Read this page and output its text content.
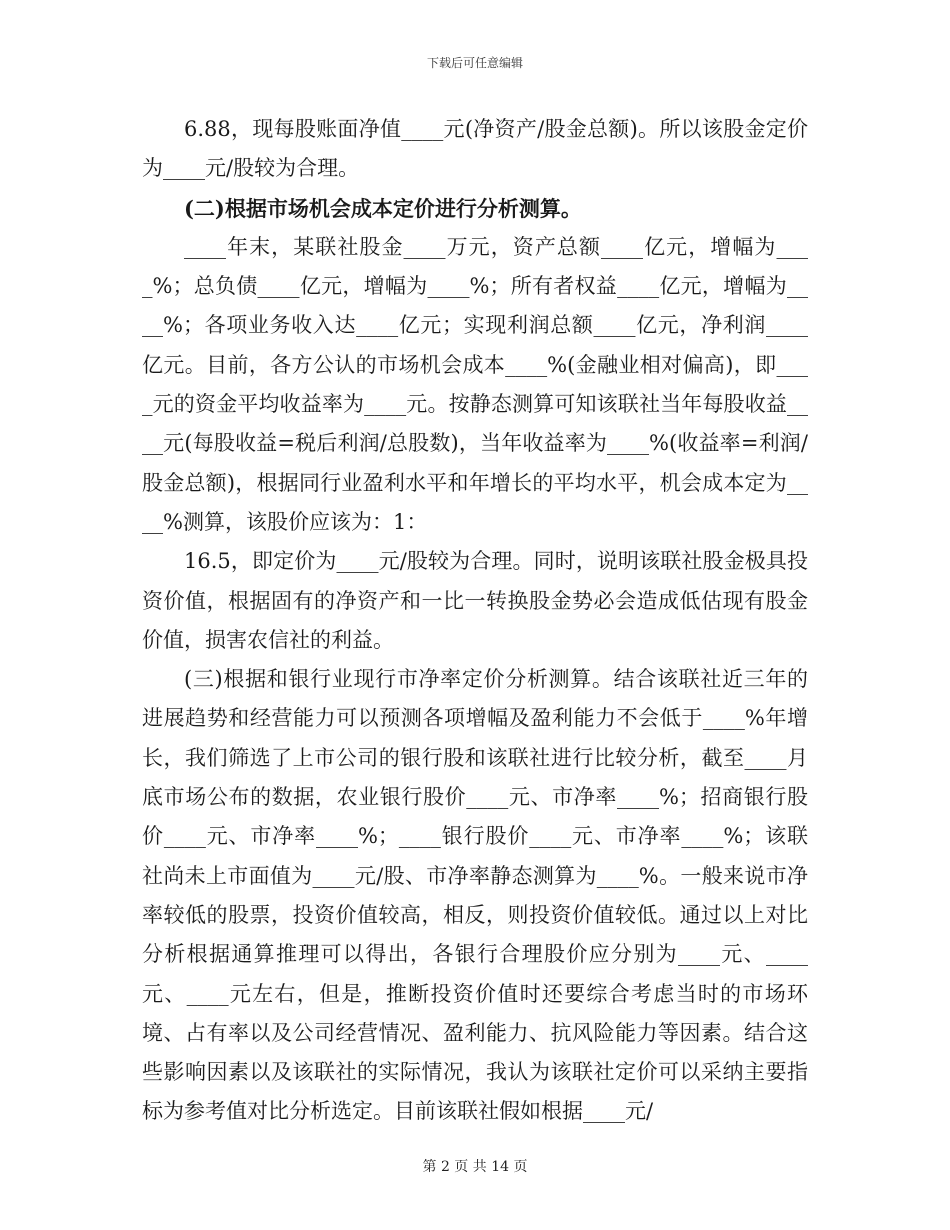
下载后可任意编辑

6.88，现每股账面净值____元(净资产/股金总额)。所以该股金定价为____元/股较为合理。

(二)根据市场机会成本定价进行分析测算。

____年末，某联社股金____万元，资产总额____亿元，增幅为____%；总负债____亿元，增幅为____%；所有者权益____亿元，增幅为____%；各项业务收入达____亿元；实现利润总额____亿元，净利润____亿元。目前，各方公认的市场机会成本____%(金融业相对偏高)，即____元的资金平均收益率为____元。按静态测算可知该联社当年每股收益____元(每股收益=税后利润/总股数)，当年收益率为____%(收益率=利润/股金总额)，根据同行业盈利水平和年增长的平均水平，机会成本定为____%测算，该股价应该为：1：

16.5，即定价为____元/股较为合理。同时，说明该联社股金极具投资价值，根据固有的净资产和一比一转换股金势必会造成低估现有股金价值，损害农信社的利益。

(三)根据和银行业现行市净率定价分析测算。结合该联社近三年的进展趋势和经营能力可以预测各项增幅及盈利能力不会低于____%年增长，我们筛选了上市公司的银行股和该联社进行比较分析，截至____月底市场公布的数据，农业银行股价____元、市净率____%；招商银行股价____元、市净率____%；____银行股价____元、市净率____%；该联社尚未上市面值为____元/股、市净率静态测算为____%。一般来说市净率较低的股票，投资价值较高，相反，则投资价值较低。通过以上对比分析根据通算推理可以得出，各银行合理股价应分别为____元、____元、____元左右，但是，推断投资价值时还要综合考虑当时的市场环境、占有率以及公司经营情况、盈利能力、抗风险能力等因素。结合这些影响因素以及该联社的实际情况，我认为该联社定价可以采纳主要指标为参考值对比分析选定。目前该联社假如根据____元/

第 2 页 共 14 页
